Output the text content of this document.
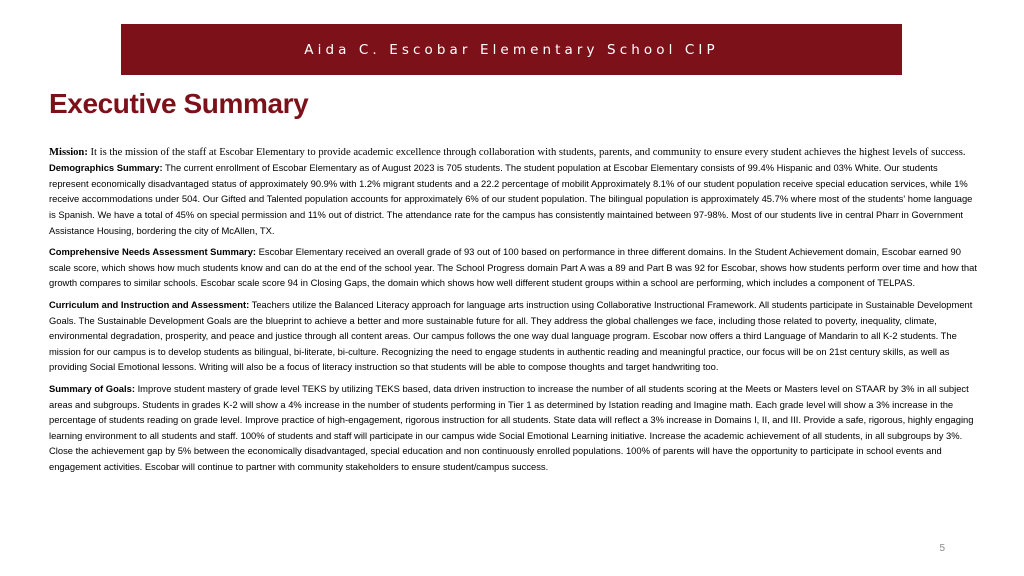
Aida C. Escobar Elementary School CIP
Executive Summary

Mission: It is the mission of the staff at Escobar Elementary to provide academic excellence through collaboration with students, parents, and community to ensure every student achieves the highest levels of success.

Demographics Summary: The current enrollment of Escobar Elementary as of August 2023 is 705 students. The student population at Escobar Elementary consists of 99.4% Hispanic and 03% White. Our students represent economically disadvantaged status of approximately 90.9% with 1.2% migrant students and a 22.2 percentage of mobilit Approximately 8.1% of our student population receive special education services, while 1% receive accommodations under 504. Our Gifted and Talented population accounts for approximately 6% of our student population. The bilingual population is approximately 45.7% where most of the students' home language is Spanish. We have a total of 45% on special permission and 11% out of district. The attendance rate for the campus has consistently maintained between 97-98%. Most of our students live in central Pharr in Government Assistance Housing, bordering the city of McAllen, TX.

Comprehensive Needs Assessment Summary: Escobar Elementary received an overall grade of 93 out of 100 based on performance in three different domains. In the Student Achievement domain, Escobar earned 90 scale score, which shows how much students know and can do at the end of the school year. The School Progress domain Part A was a 89 and Part B was 92 for Escobar, shows how students perform over time and how that growth compares to similar schools. Escobar scale score 94 in Closing Gaps, the domain which shows how well different student groups within a school are performing, which includes a component of TELPAS.

Curriculum and Instruction and Assessment: Teachers utilize the Balanced Literacy approach for language arts instruction using Collaborative Instructional Framework. All students participate in Sustainable Development Goals. The Sustainable Development Goals are the blueprint to achieve a better and more sustainable future for all. They address the global challenges we face, including those related to poverty, inequality, climate, environmental degradation, prosperity, and peace and justice through all content areas. Our campus follows the one way dual language program. Escobar now offers a third Language of Mandarin to all K-2 students. The mission for our campus is to develop students as bilingual, bi-literate, bi-culture. Recognizing the need to engage students in authentic reading and meaningful practice, our focus will be on 21st century skills, as well as providing Social Emotional lessons. Writing will also be a focus of literacy instruction so that students will be able to compose thoughts and target handwriting too.

Summary of Goals: Improve student mastery of grade level TEKS by utilizing TEKS based, data driven instruction to increase the number of all students scoring at the Meets or Masters level on STAAR by 3% in all subject areas and subgroups. Students in grades K-2 will show a 4% increase in the number of students performing in Tier 1 as determined by Istation reading and Imagine math. Each grade level will show a 3% increase in the percentage of students reading on grade level. Improve practice of high-engagement, rigorous instruction for all students. State data will reflect a 3% increase in Domains I, II, and III. Provide a safe, rigorous, highly engaging learning environment to all students and staff. 100% of students and staff will participate in our campus wide Social Emotional Learning initiative. Increase the academic achievement of all students, in all subgroups by 3%. Close the achievement gap by 5% between the economically disadvantaged, special education and non continuously enrolled populations. 100% of parents will have the opportunity to participate in school events and engagement activities. Escobar will continue to partner with community stakeholders to ensure student/campus success.

5
